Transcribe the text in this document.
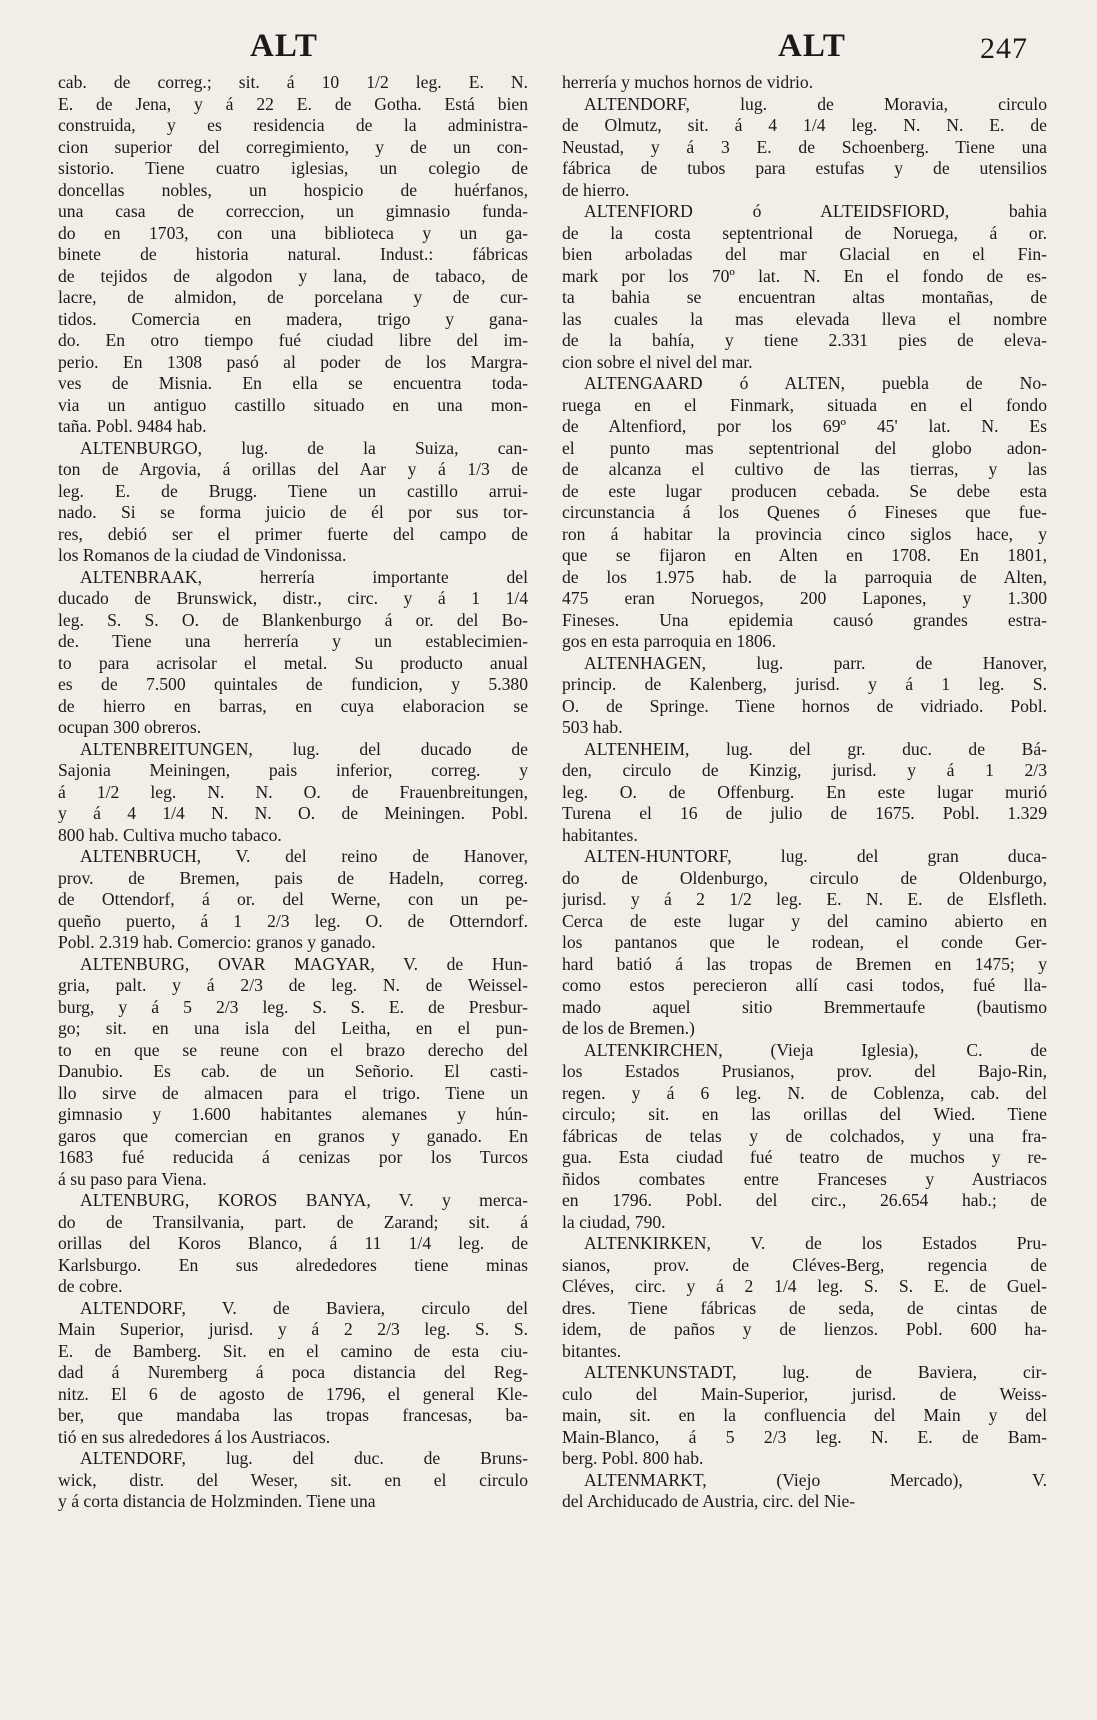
ALT	ALT	247
cab. de correg.; sit. á 10 1/2 leg. E. N.
E. de Jena, y á 22 E. de Gotha. Está bien
construida, y es residencia de la administra-
cion superior del corregimiento, y de un con-
sistorio. Tiene cuatro iglesias, un colegio de
doncellas nobles, un hospicio de huérfanos,
una casa de correccion, un gimnasio funda-
do en 1703, con una biblioteca y un ga-
binete de historia natural. Indust.: fábricas
de tejidos de algodon y lana, de tabaco, de
lacre, de almidon, de porcelana y de cur-
tidos. Comercia en madera, trigo y gana-
do. En otro tiempo fué ciudad libre del im-
perio. En 1308 pasó al poder de los Margra-
ves de Misnia. En ella se encuentra toda-
via un antiguo castillo situado en una mon-
taña. Pobl. 9484 hab.
ALTENBURGO, lug. de la Suiza, can-
ton de Argovia, á orillas del Aar y á 1/3 de
leg. E. de Brugg. Tiene un castillo arrui-
nado. Si se forma juicio de él por sus tor-
res, debió ser el primer fuerte del campo de
los Romanos de la ciudad de Vindonissa.
ALTENBRAAK, herrería importante del
ducado de Brunswick, distr., circ. y á 1 1/4
leg. S. S. O. de Blankenburgo á or. del Bo-
de. Tiene una herrería y un establecimien-
to para acrisolar el metal. Su producto anual
es de 7.500 quintales de fundicion, y 5.380
de hierro en barras, en cuya elaboracion se
ocupan 300 obreros.
ALTENBREITUNGEN, lug. del ducado de
Sajonia Meiningen, pais inferior, correg. y
á 1/2 leg. N. N. O. de Frauenbreitungen,
y á 4 1/4 N. N. O. de Meiningen. Pobl.
800 hab. Cultiva mucho tabaco.
ALTENBRUCH, V. del reino de Hanover,
prov. de Bremen, pais de Hadeln, correg.
de Ottendorf, á or. del Werne, con un pe-
queño puerto, á 1 2/3 leg. O. de Otterndorf.
Pobl. 2.319 hab. Comercio: granos y ganado.
ALTENBURG, OVAR MAGYAR, V. de Hun-
gria, palt. y á 2/3 de leg. N. de Weissel-
burg, y á 5 2/3 leg. S. S. E. de Presbur-
go; sit. en una isla del Leitha, en el pun-
to en que se reune con el brazo derecho del
Danubio. Es cab. de un Señorio. El casti-
llo sirve de almacen para el trigo. Tiene un
gimnasio y 1.600 habitantes alemanes y hún-
garos que comercian en granos y ganado. En
1683 fué reducida á cenizas por los Turcos
á su paso para Viena.
ALTENBURG, KOROS BANYA, V. y merca-
do de Transilvania, part. de Zarand; sit. á
orillas del Koros Blanco, á 11 1/4 leg. de
Karlsburgo. En sus alrededores tiene minas
de cobre.
ALTENDORF, V. de Baviera, circulo del
Main Superior, jurisd. y á 2 2/3 leg. S. S.
E. de Bamberg. Sit. en el camino de esta ciu-
dad á Nuremberg á poca distancia del Reg-
nitz. El 6 de agosto de 1796, el general Kle-
ber, que mandaba las tropas francesas, ba-
tió en sus alrededores á los Austriacos.
ALTENDORF, lug. del duc. de Bruns-
wick, distr. del Weser, sit. en el circulo
y á corta distancia de Holzminden. Tiene una
herrería y muchos hornos de vidrio.
ALTENDORF, lug. de Moravia, circulo
de Olmutz, sit. á 4 1/4 leg. N. N. E. de
Neustad, y á 3 E. de Schoenberg. Tiene una
fábrica de tubos para estufas y de utensilios
de hierro.
ALTENFIORD ó ALTEIDSFIORD, bahia
de la costa septentrional de Noruega, á or.
bien arboladas del mar Glacial en el Fin-
mark por los 70º lat. N. En el fondo de es-
ta bahia se encuentran altas montañas, de
las cuales la mas elevada lleva el nombre
de la bahía, y tiene 2.331 pies de eleva-
cion sobre el nivel del mar.
ALTENGAARD ó ALTEN, puebla de No-
ruega en el Finmark, situada en el fondo
de Altenfiord, por los 69º 45' lat. N. Es
el punto mas septentrional del globo adon-
de alcanza el cultivo de las tierras, y las
de este lugar producen cebada. Se debe esta
circunstancia á los Quenes ó Fineses que fue-
ron á habitar la provincia cinco siglos hace, y
que se fijaron en Alten en 1708. En 1801,
de los 1.975 hab. de la parroquia de Alten,
475 eran Noruegos, 200 Lapones, y 1.300
Fineses. Una epidemia causó grandes estra-
gos en esta parroquia en 1806.
ALTENHAGEN, lug. parr. de Hanover,
princip. de Kalenberg, jurisd. y á 1 leg. S.
O. de Springe. Tiene hornos de vidriado. Pobl.
503 hab.
ALTENHEIM, lug. del gr. duc. de Bá-
den, circulo de Kinzig, jurisd. y á 1 2/3
leg. O. de Offenburg. En este lugar murió
Turena el 16 de julio de 1675. Pobl. 1.329
habitantes.
ALTEN-HUNTORF, lug. del gran duca-
do de Oldenburgo, circulo de Oldenburgo,
jurisd. y á 2 1/2 leg. E. N. E. de Elsfleth.
Cerca de este lugar y del camino abierto en
los pantanos que le rodean, el conde Ger-
hard batió á las tropas de Bremen en 1475; y
como estos perecieron allí casi todos, fué lla-
mado aquel sitio Bremmertaufe (bautismo
de los de Bremen.)
ALTENKIRCHEN, (Vieja Iglesia), C. de
los Estados Prusianos, prov. del Bajo-Rin,
regen. y á 6 leg. N. de Coblenza, cab. del
circulo; sit. en las orillas del Wied. Tiene
fábricas de telas y de colchados, y una fra-
gua. Esta ciudad fué teatro de muchos y re-
ñidos combates entre Franceses y Austriacos
en 1796. Pobl. del circ., 26.654 hab.; de
la ciudad, 790.
ALTENKIRKEN, V. de los Estados Pru-
sianos, prov. de Cléves-Berg, regencia de
Cléves, circ. y á 2 1/4 leg. S. S. E. de Guel-
dres. Tiene fábricas de seda, de cintas de
idem, de paños y de lienzos. Pobl. 600 ha-
bitantes.
ALTENKUNSTADT, lug. de Baviera, cir-
culo del Main-Superior, jurisd. de Weiss-
main, sit. en la confluencia del Main y del
Main-Blanco, á 5 2/3 leg. N. E. de Bam-
berg. Pobl. 800 hab.
ALTENMARKT, (Viejo Mercado), V.
del Archiducado de Austria, circ. del Nie-
